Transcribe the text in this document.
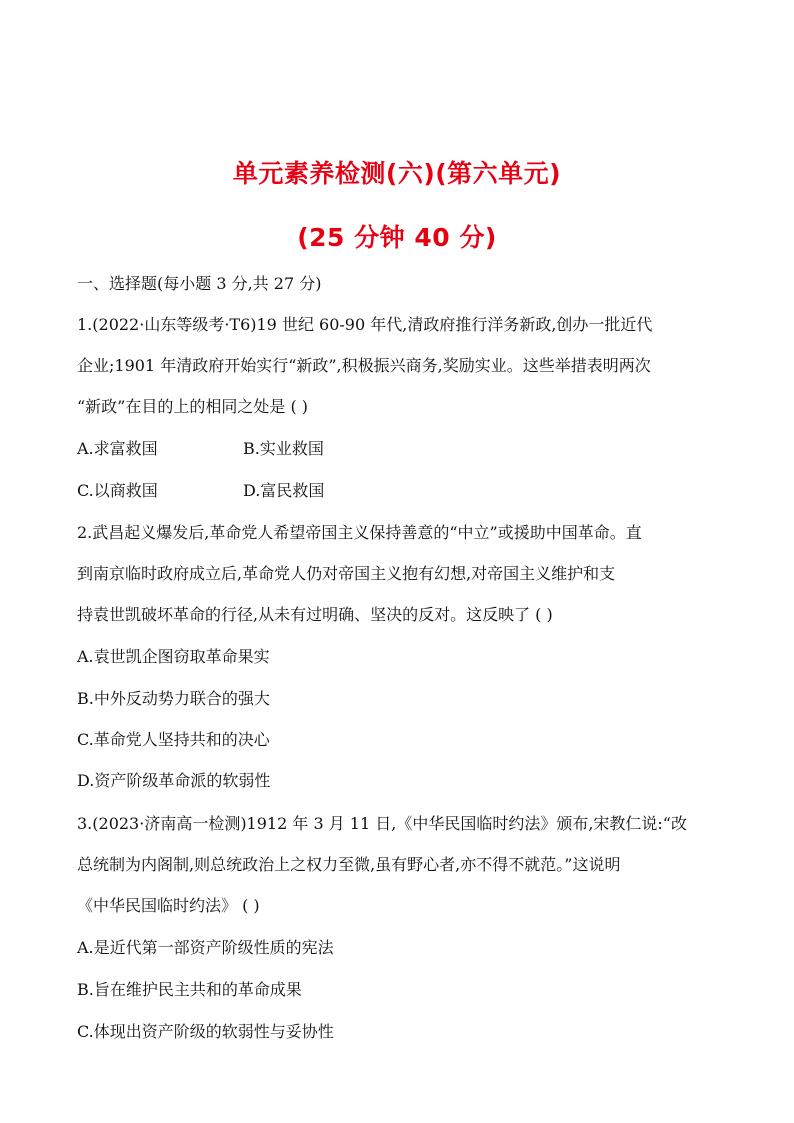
单元素养检测(六)(第六单元)
(25 分钟 40 分)
一、选择题(每小题 3 分,共 27 分)
1.(2022·山东等级考·T6)19 世纪 60-90 年代,清政府推行洋务新政,创办一批近代
企业;1901 年清政府开始实行“新政”,积极振兴商务,奖励实业。这些举措表明两次
“新政”在目的上的相同之处是 ( )
A.求富救国	B.实业救国
C.以商救国	D.富民救国
2.武昌起义爆发后,革命党人希望帝国主义保持善意的“中立”或援助中国革命。直
到南京临时政府成立后,革命党人仍对帝国主义抱有幻想,对帝国主义维护和支
持袁世凯破坏革命的行径,从未有过明确、坚决的反对。这反映了 ( )
A.袁世凯企图窃取革命果实
B.中外反动势力联合的强大
C.革命党人坚持共和的决心
D.资产阶级革命派的软弱性
3.(2023·济南高一检测)1912 年 3 月 11 日,《中华民国临时约法》颁布,宋教仁说:“改
总统制为内阁制,则总统政治上之权力至微,虽有野心者,亦不得不就范。”这说明
《中华民国临时约法》 ( )
A.是近代第一部资产阶级性质的宪法
B.旨在维护民主共和的革命成果
C.体现出资产阶级的软弱性与妥协性
